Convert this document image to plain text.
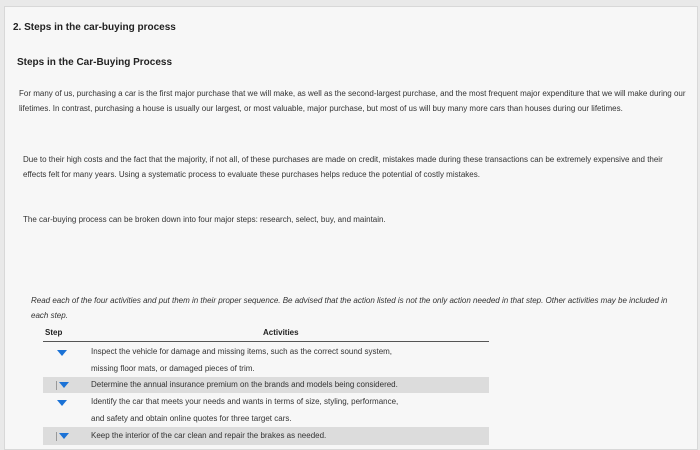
2. Steps in the car-buying process
Steps in the Car-Buying Process
For many of us, purchasing a car is the first major purchase that we will make, as well as the second-largest purchase, and the most frequent major expenditure that we will make during our lifetimes. In contrast, purchasing a house is usually our largest, or most valuable, major purchase, but most of us will buy many more cars than houses during our lifetimes.
Due to their high costs and the fact that the majority, if not all, of these purchases are made on credit, mistakes made during these transactions can be extremely expensive and their effects felt for many years. Using a systematic process to evaluate these purchases helps reduce the potential of costly mistakes.
The car-buying process can be broken down into four major steps: research, select, buy, and maintain.
Read each of the four activities and put them in their proper sequence. Be advised that the action listed is not the only action needed in that step. Other activities may be included in each step.
Step	Activities
Inspect the vehicle for damage and missing items, such as the correct sound system,
missing floor mats, or damaged pieces of trim.
Determine the annual insurance premium on the brands and models being considered.
Identify the car that meets your needs and wants in terms of size, styling, performance,
and safety and obtain online quotes for three target cars.
Keep the interior of the car clean and repair the brakes as needed.
